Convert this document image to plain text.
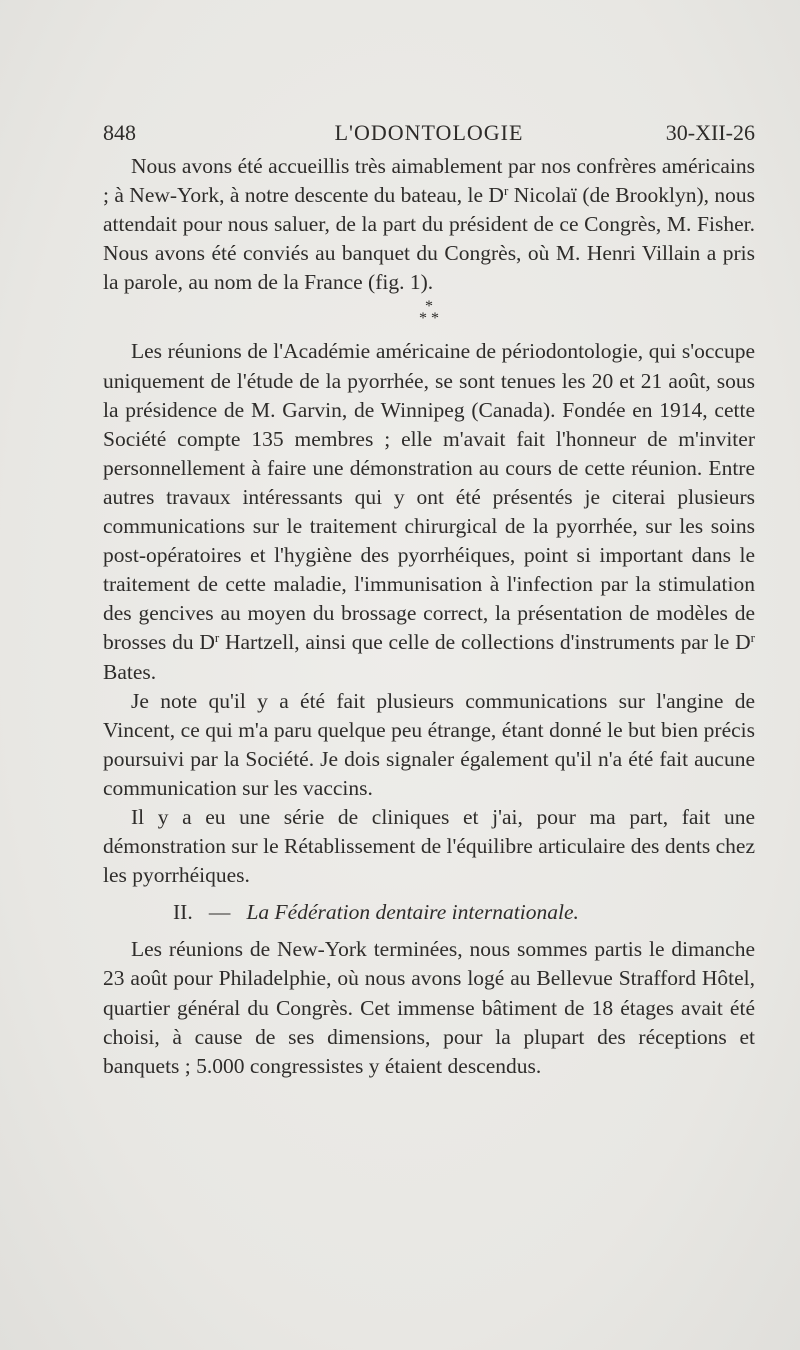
848	L'ODONTOLOGIE	30-XII-26

Nous avons été accueillis très aimablement par nos confrères américains ; à New-York, à notre descente du bateau, le $D^r$ Nicolaï (de Brooklyn), nous attendait pour nous saluer, de la part du président de ce Congrès, M. Fisher. Nous avons été conviés au banquet du Congrès, où M. Henri Villain a pris la parole, au nom de la France (fig. 1).

*
* *

Les réunions de l'Académie américaine de périodontologie, qui s'occupe uniquement de l'étude de la pyorrhée, se sont tenues les 20 et 21 août, sous la présidence de M. Garvin, de Winnipeg (Canada). Fondée en 1914, cette Société compte 135 membres ; elle m'avait fait l'honneur de m'inviter personnellement à faire une démonstration au cours de cette réunion. Entre autres travaux intéressants qui y ont été présentés je citerai plusieurs communications sur le traitement chirurgical de la pyorrhée, sur les soins post-opératoires et l'hygiène des pyorrhéiques, point si important dans le traitement de cette maladie, l'immunisation à l'infection par la stimulation des gencives au moyen du brossage correct, la présentation de modèles de brosses du $D^r$ Hartzell, ainsi que celle de collections d'instruments par le $D^r$ Bates.

Je note qu'il y a été fait plusieurs communications sur l'angine de Vincent, ce qui m'a paru quelque peu étrange, étant donné le but bien précis poursuivi par la Société. Je dois signaler également qu'il n'a été fait aucune communication sur les vaccins.

Il y a eu une série de cliniques et j'ai, pour ma part, fait une démonstration sur le Rétablissement de l'équilibre articulaire des dents chez les pyorrhéiques.

II. — La Fédération dentaire internationale.

Les réunions de New-York terminées, nous sommes partis le dimanche 23 août pour Philadelphie, où nous avons logé au Bellevue Strafford Hôtel, quartier général du Congrès. Cet immense bâtiment de 18 étages avait été choisi, à cause de ses dimensions, pour la plupart des réceptions et banquets ; 5.000 congressistes y étaient descendus.
